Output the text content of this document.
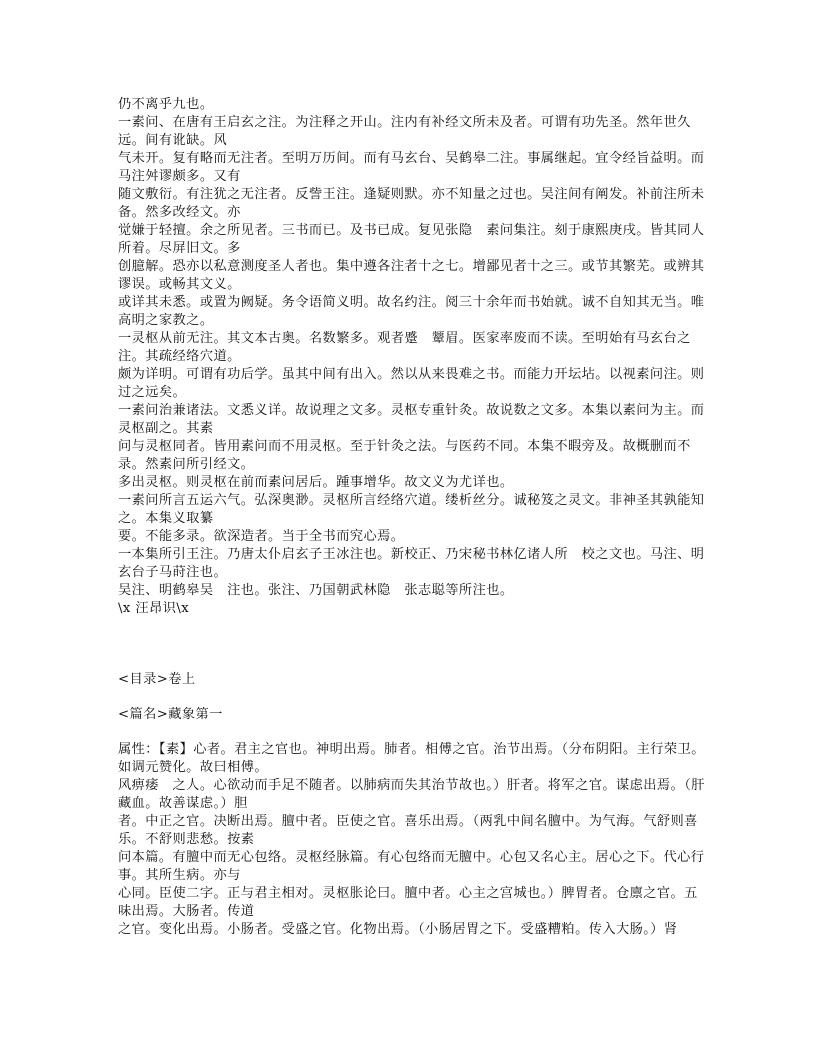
仍不离乎九也。

一素问、在唐有王启玄之注。为注释之开山。注内有补经文所未及者。可谓有功先圣。然年世久远。间有讹缺。风

气未开。复有略而无注者。至明万历间。而有马玄台、吴鹤皋二注。事属继起。宜令经旨益明。而马注舛谬颇多。又有

随文敷衍。有注犹之无注者。反訾王注。逢疑则默。亦不知量之过也。吴注间有阐发。补前注所未备。然多改经文。亦

觉嫌于轻擅。余之所见者。三书而已。及书已成。复见张隐　素问集注。刻于康熙庚戌。皆其同人所着。尽屏旧文。多

创臆解。恐亦以私意测度圣人者也。集中遵各注者十之七。增鄙见者十之三。或节其繁芜。或辨其谬误。或畅其文义。

或详其未悉。或置为阙疑。务令语简义明。故名约注。阅三十余年而书始就。诚不自知其无当。唯高明之家教之。

一灵枢从前无注。其文本古奥。名数繁多。观者蹙　颦眉。医家率废而不读。至明始有马玄台之注。其疏经络穴道。

颇为详明。可谓有功后学。虽其中间有出入。然以从来畏难之书。而能力开坛坫。以视素问注。则过之远矣。

一素问治兼诸法。文悉义详。故说理之文多。灵枢专重针灸。故说数之文多。本集以素问为主。而灵枢副之。其素

问与灵枢同者。皆用素问而不用灵枢。至于针灸之法。与医药不同。本集不暇旁及。故概删而不录。然素问所引经文。

多出灵枢。则灵枢在前而素问居后。踵事增华。故文义为尤详也。

一素问所言五运六气。弘深奥渺。灵枢所言经络穴道。缕析丝分。诚秘笈之灵文。非神圣其孰能知之。本集义取纂

要。不能多录。欲深造者。当于全书而究心焉。

一本集所引王注。乃唐太仆启玄子王冰注也。新校正、乃宋秘书林亿诸人所　校之文也。马注、明玄台子马莳注也。

吴注、明鹤皋吴　注也。张注、乃国朝武林隐　张志聪等所注也。

\x 汪昂识\x

<目录>卷上

<篇名>藏象第一

属性：【素】心者。君主之官也。神明出焉。肺者。相傅之官。治节出焉。（分布阴阳。主行荣卫。如调元赞化。故曰相傅。

风痹痿　之人。心欲动而手足不随者。以肺病而失其治节故也。）肝者。将军之官。谋虑出焉。（肝藏血。故善谋虑。）胆

者。中正之官。决断出焉。膻中者。臣使之官。喜乐出焉。（两乳中间名膻中。为气海。气舒则喜乐。不舒则悲愁。按素

问本篇。有膻中而无心包络。灵枢经脉篇。有心包络而无膻中。心包又名心主。居心之下。代心行事。其所生病。亦与

心同。臣使二字。正与君主相对。灵枢胀论曰。膻中者。心主之宫城也。）脾胃者。仓廪之官。五味出焉。大肠者。传道

之官。变化出焉。小肠者。受盛之官。化物出焉。（小肠居胃之下。受盛糟粕。传入大肠。）肾
